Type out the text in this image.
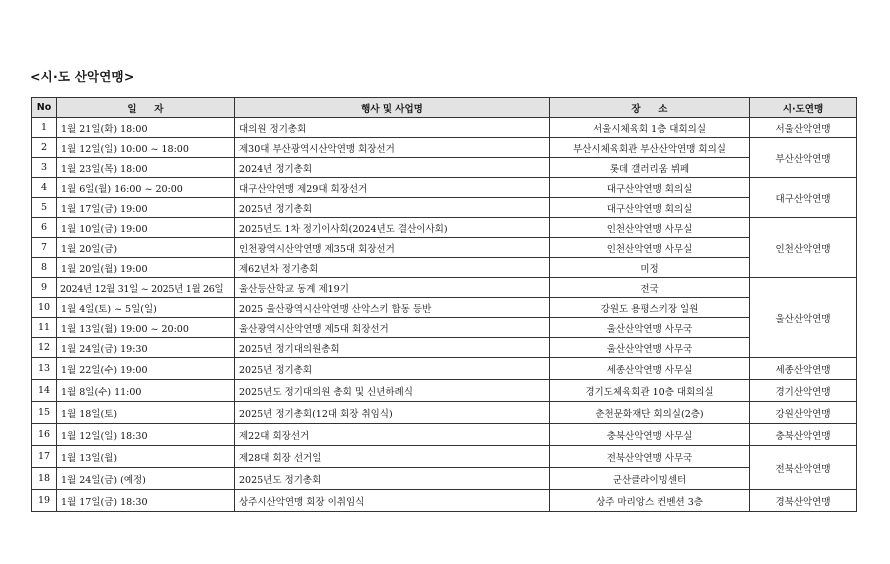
<시·도 산악연맹>
No	일     자	행사 및 사업명	장     소	시·도연맹
1	1월 21일(화) 18:00	대의원 정기총회	서울시체육회 1층 대회의실	서울산악연맹
2	1월 12일(일) 10:00 ~ 18:00	제30대 부산광역시산악연맹 회장선거	부산시체육회관 부산산악연맹 회의실	부산산악연맹
3	1월 23일(목) 18:00	2024년 정기총회	롯데 갤러리움 뷔페	
4	1월 6일(월) 16:00 ~ 20:00	대구산악연맹 제29대 회장선거	대구산악연맹 회의실	대구산악연맹
5	1월 17일(금) 19:00	2025년 정기총회	대구산악연맹 회의실	
6	1월 10일(금) 19:00	2025년도 1차 정기이사회(2024년도 결산이사회)	인천산악연맹 사무실	인천산악연맹
7	1월 20일(금)	인천광역시산악연맹 제35대 회장선거	인천산악연맹 사무실	
8	1월 20일(월) 19:00	제62년차 정기총회	미정	
9	2024년 12월 31일 ~ 2025년 1월 26일	울산등산학교 동계 제19기	전국	울산산악연맹
10	1월 4일(토) ~ 5일(일)	2025 울산광역시산악연맹 산악스키 합동 등반	강원도 용평스키장 일원	
11	1월 13일(월) 19:00 ~ 20:00	울산광역시산악연맹 제5대 회장선거	울산산악연맹 사무국	
12	1월 24일(금) 19:30	2025년 정기대의원총회	울산산악연맹 사무국	
13	1월 22일(수) 19:00	2025년 정기총회	세종산악연맹 사무실	세종산악연맹
14	1월 8일(수) 11:00	2025년도 정기대의원 총회 및 신년하례식	경기도체육회관 10층 대회의실	경기산악연맹
15	1월 18일(토)	2025년 정기총회(12대 회장 취임식)	춘천문화재단 회의실(2층)	강원산악연맹
16	1월 12일(일) 18:30	제22대 회장선거	충북산악연맹 사무실	충북산악연맹
17	1월 13일(월)	제28대 회장 선거일	전북산악연맹 사무국	전북산악연맹
18	1월 24일(금) (예정)	2025년도 정기총회	군산클라이밍센터	
19	1월 17일(금) 18:30	상주시산악연맹 회장 이취임식	상주 마리앙스 컨벤션 3층	경북산악연맹
